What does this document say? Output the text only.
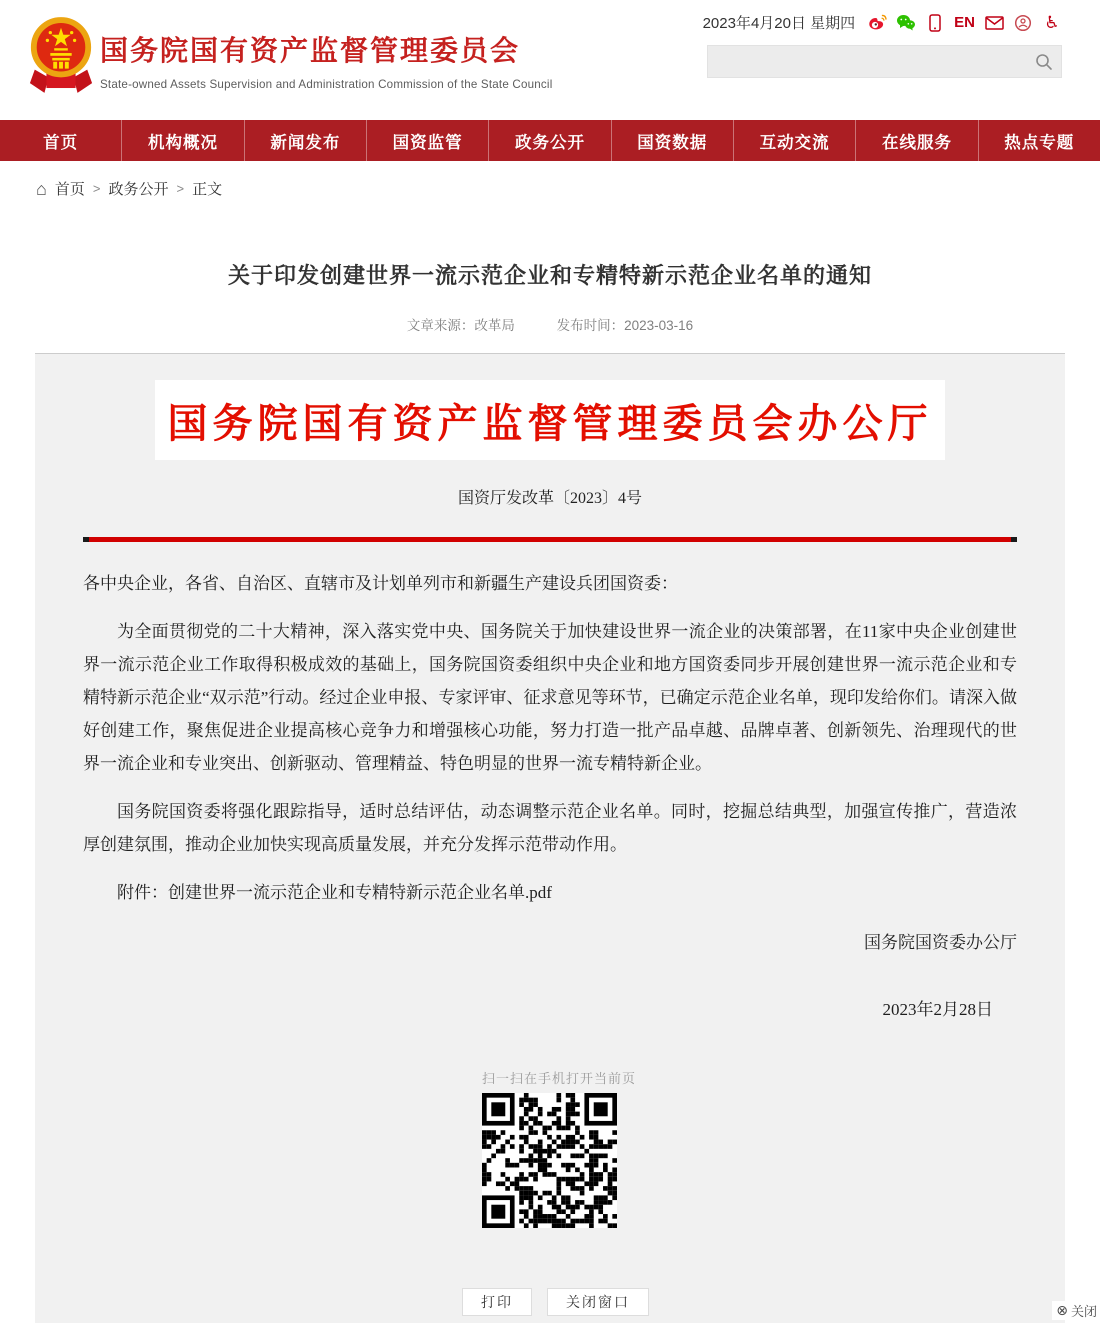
国务院国有资产监督管理委员会
State-owned Assets Supervision and Administration Commission of the State Council
2023年4月20日 星期四	EN	♿
首页	机构概况	新闻发布	国资监管	政务公开	国资数据	互动交流	在线服务	热点专题
⌂ 首页 > 政务公开 > 正文
关于印发创建世界一流示范企业和专精特新示范企业名单的通知
文章来源：改革局	发布时间：2023-03-16
国务院国有资产监督管理委员会办公厅
国资厅发改革〔2023〕4号

各中央企业，各省、自治区、直辖市及计划单列市和新疆生产建设兵团国资委：

为全面贯彻党的二十大精神，深入落实党中央、国务院关于加快建设世界一流企业的决策部署，在11家中央企业创建世界一流示范企业工作取得积极成效的基础上，国务院国资委组织中央企业和地方国资委同步开展创建世界一流示范企业和专精特新示范企业“双示范”行动。经过企业申报、专家评审、征求意见等环节，已确定示范企业名单，现印发给你们。请深入做好创建工作，聚焦促进企业提高核心竞争力和增强核心功能，努力打造一批产品卓越、品牌卓著、创新领先、治理现代的世界一流企业和专业突出、创新驱动、管理精益、特色明显的世界一流专精特新企业。

国务院国资委将强化跟踪指导，适时总结评估，动态调整示范企业名单。同时，挖掘总结典型，加强宣传推广，营造浓厚创建氛围，推动企业加快实现高质量发展，并充分发挥示范带动作用。

附件：创建世界一流示范企业和专精特新示范企业名单.pdf

国务院国资委办公厅
2023年2月28日
扫一扫在手机打开当前页
打印	关闭窗口	⊗ 关闭
